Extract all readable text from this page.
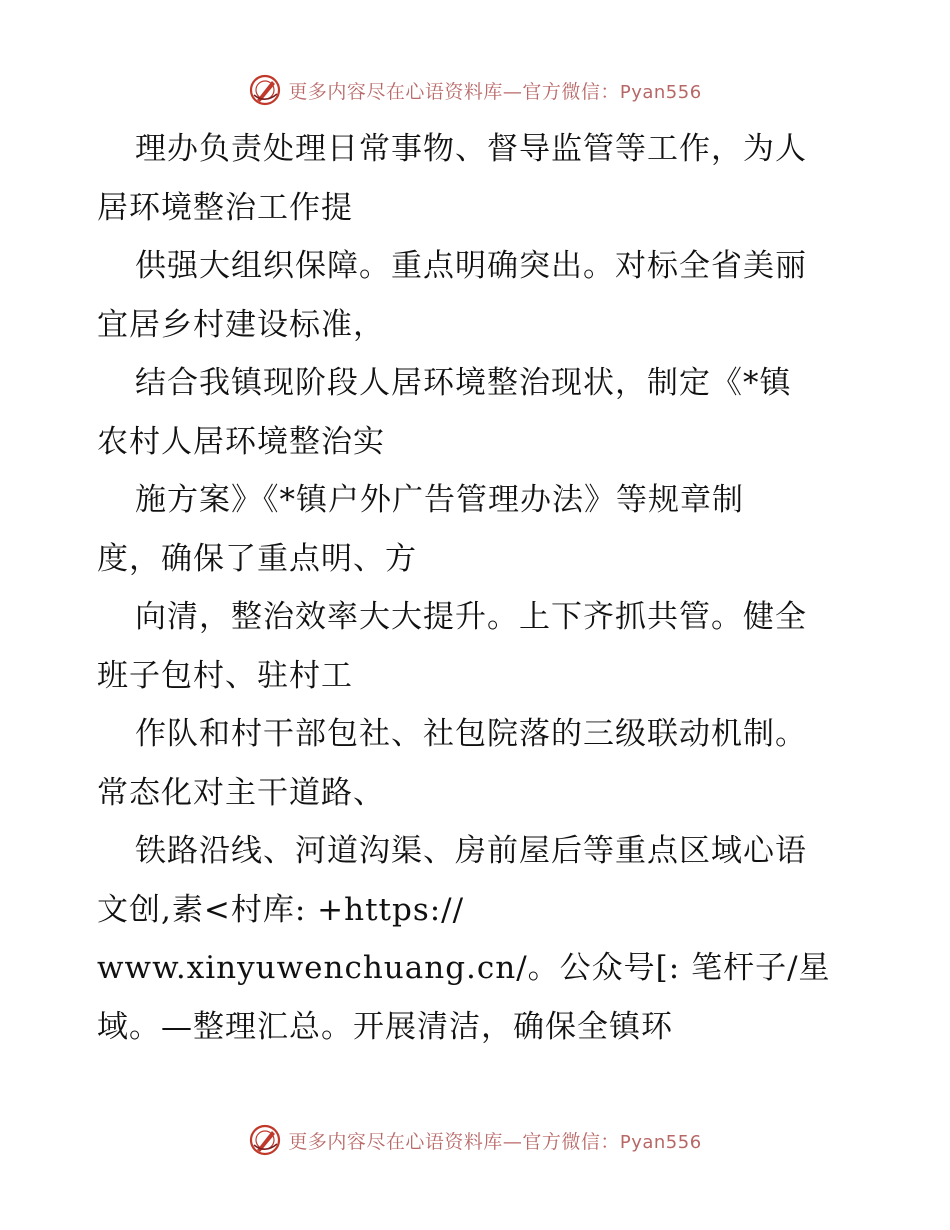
更多内容尽在心语资料库—官方微信：Pyan556
理办负责处理日常事物、督导监管等工作，为人
居环境整治工作提
供强大组织保障。重点明确突出。对标全省美丽
宜居乡村建设标准，
结合我镇现阶段人居环境整治现状，制定《*镇
农村人居环境整治实
施方案》《*镇户外广告管理办法》等规章制
度，确保了重点明、方
向清，整治效率大大提升。上下齐抓共管。健全
班子包村、驻村工
作队和村干部包社、社包院落的三级联动机制。
常态化对主干道路、
铁路沿线、河道沟渠、房前屋后等重点区域心语
文创,素<村库: +https://
www.xinyuwenchuang.cn/。公众号[: 笔杆子/星
域。—整理汇总。开展清洁，确保全镇环
更多内容尽在心语资料库—官方微信：Pyan556
